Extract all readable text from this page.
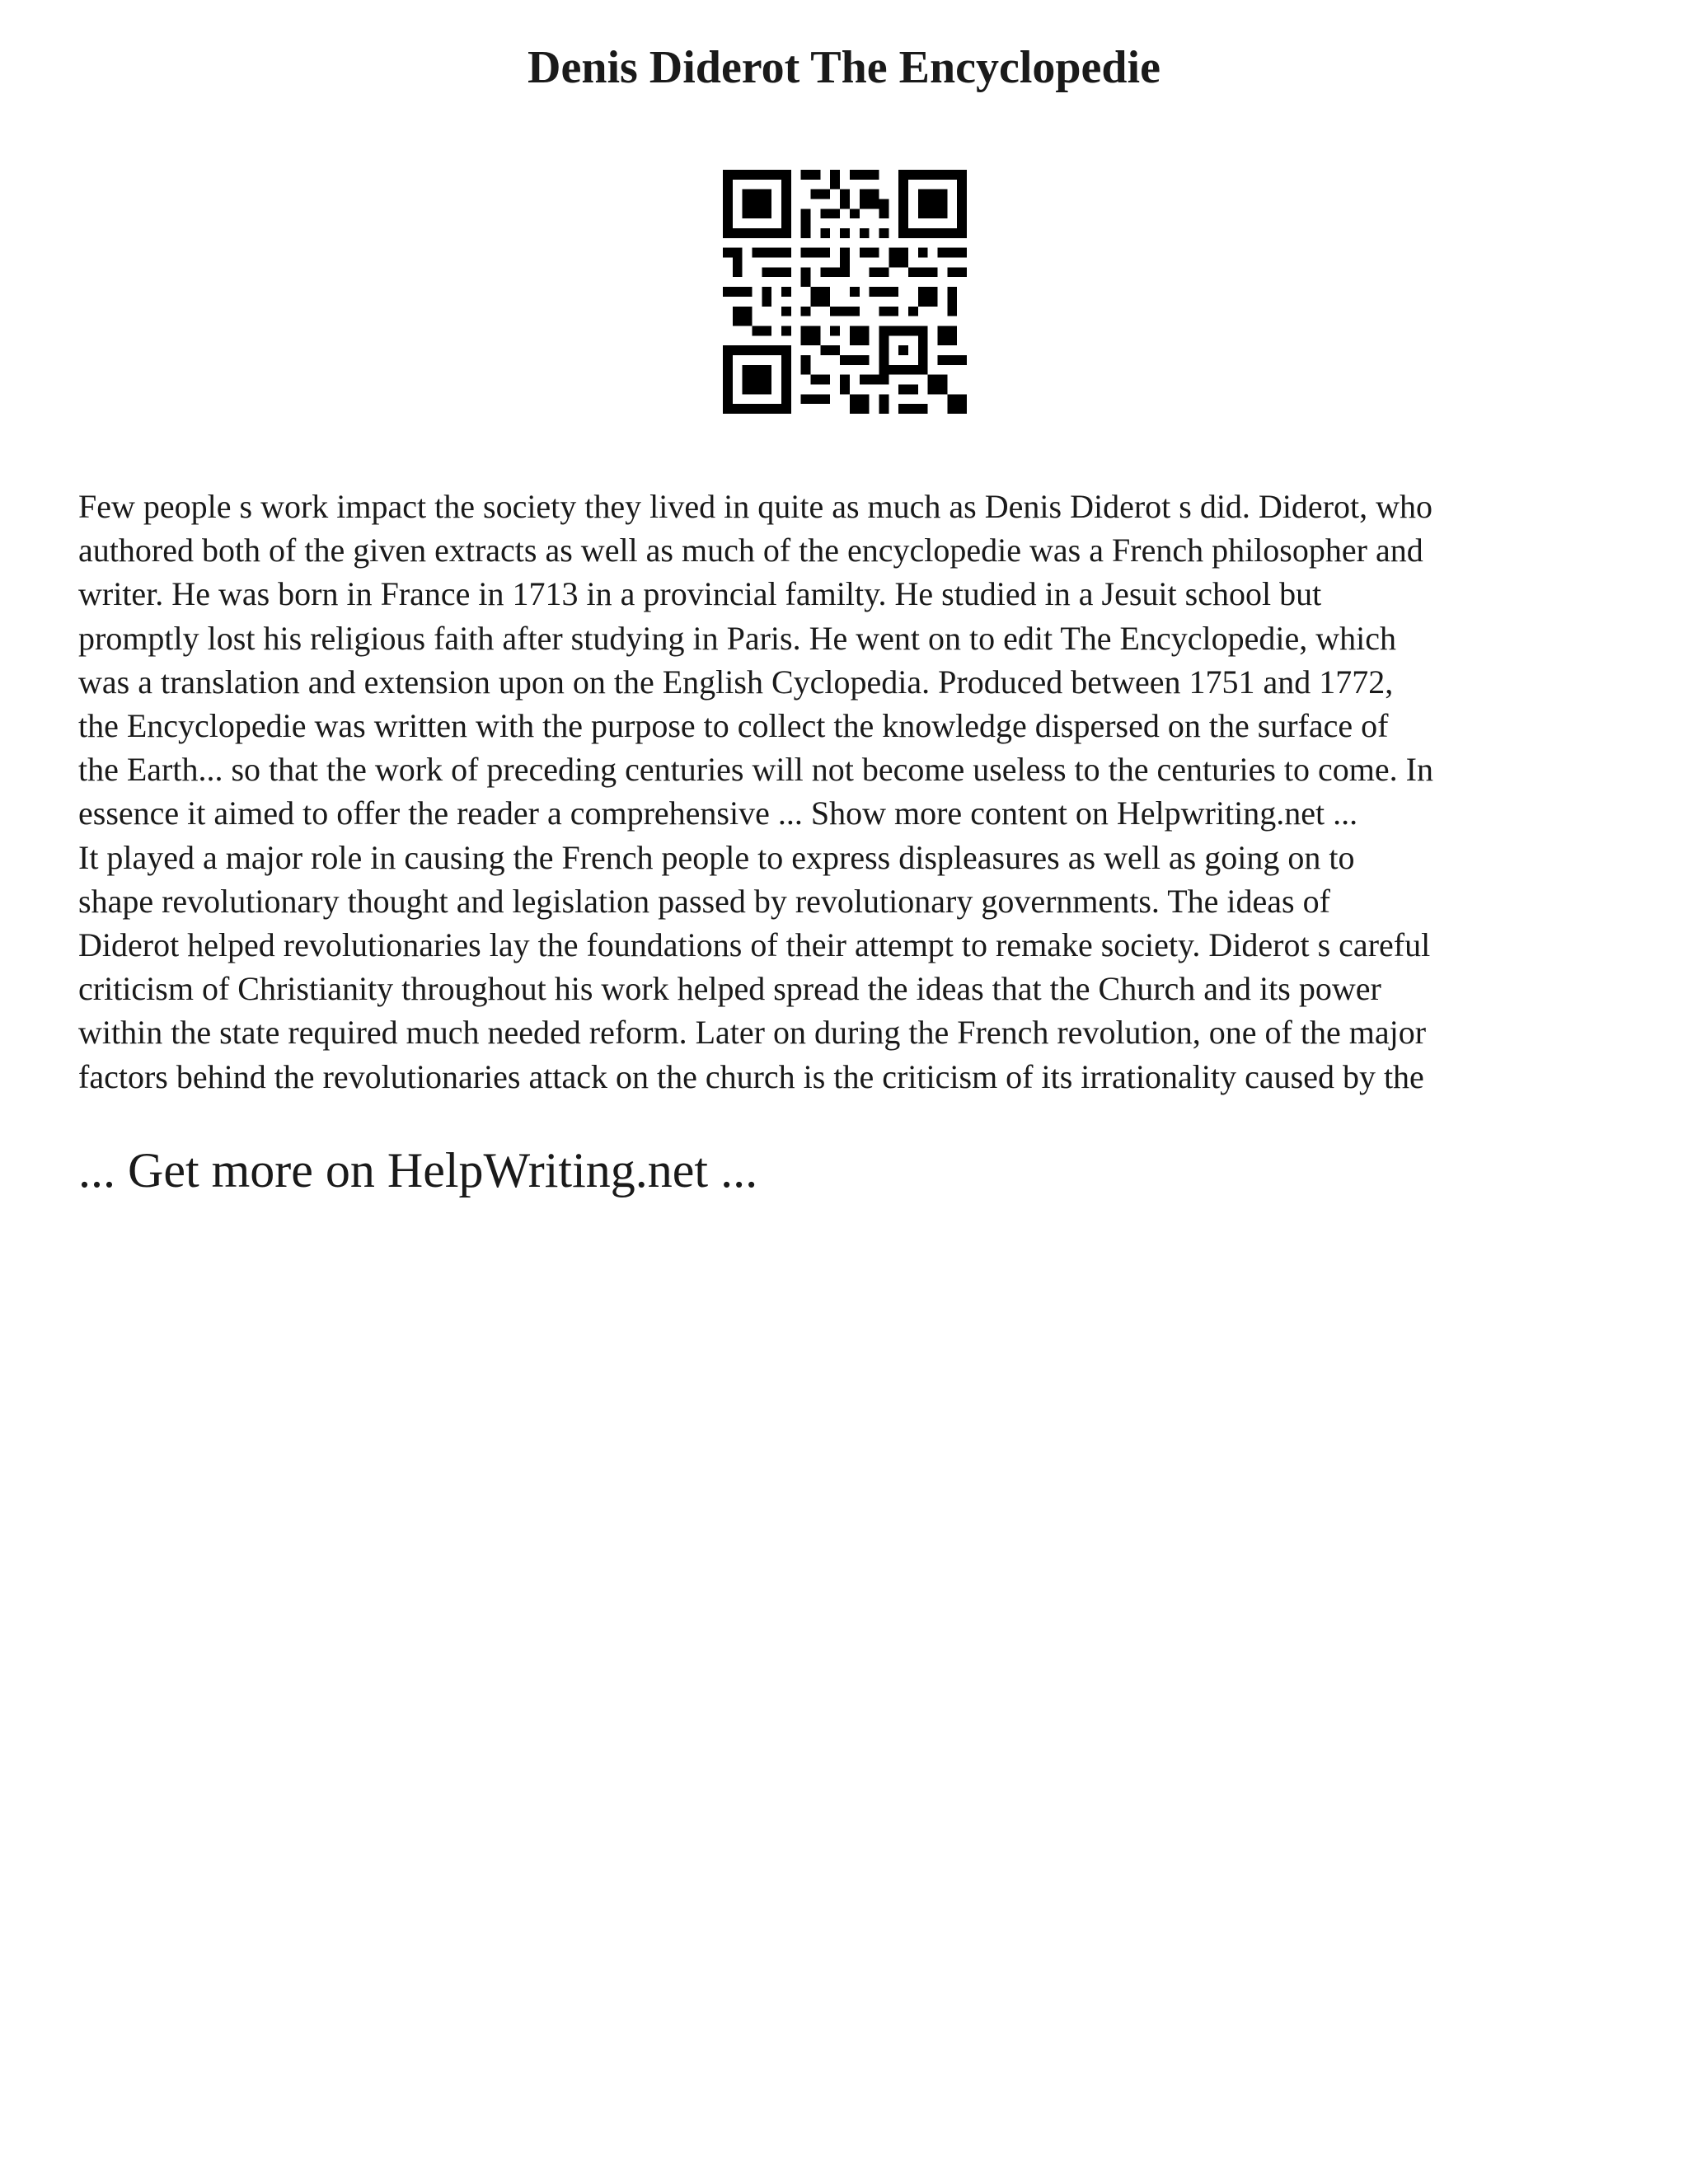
Denis Diderot The Encyclopedie

Few people s work impact the society they lived in quite as much as Denis Diderot s did. Diderot, who
authored both of the given extracts as well as much of the encyclopedie was a French philosopher and
writer. He was born in France in 1713 in a provincial familty. He studied in a Jesuit school but
promptly lost his religious faith after studying in Paris. He went on to edit The Encyclopedie, which
was a translation and extension upon on the English Cyclopedia. Produced between 1751 and 1772,
the Encyclopedie was written with the purpose to collect the knowledge dispersed on the surface of
the Earth... so that the work of preceding centuries will not become useless to the centuries to come. In
essence it aimed to offer the reader a comprehensive ... Show more content on Helpwriting.net ...
It played a major role in causing the French people to express displeasures as well as going on to
shape revolutionary thought and legislation passed by revolutionary governments. The ideas of
Diderot helped revolutionaries lay the foundations of their attempt to remake society. Diderot s careful
criticism of Christianity throughout his work helped spread the ideas that the Church and its power
within the state required much needed reform. Later on during the French revolution, one of the major
factors behind the revolutionaries attack on the church is the criticism of its irrationality caused by the

... Get more on HelpWriting.net ...
